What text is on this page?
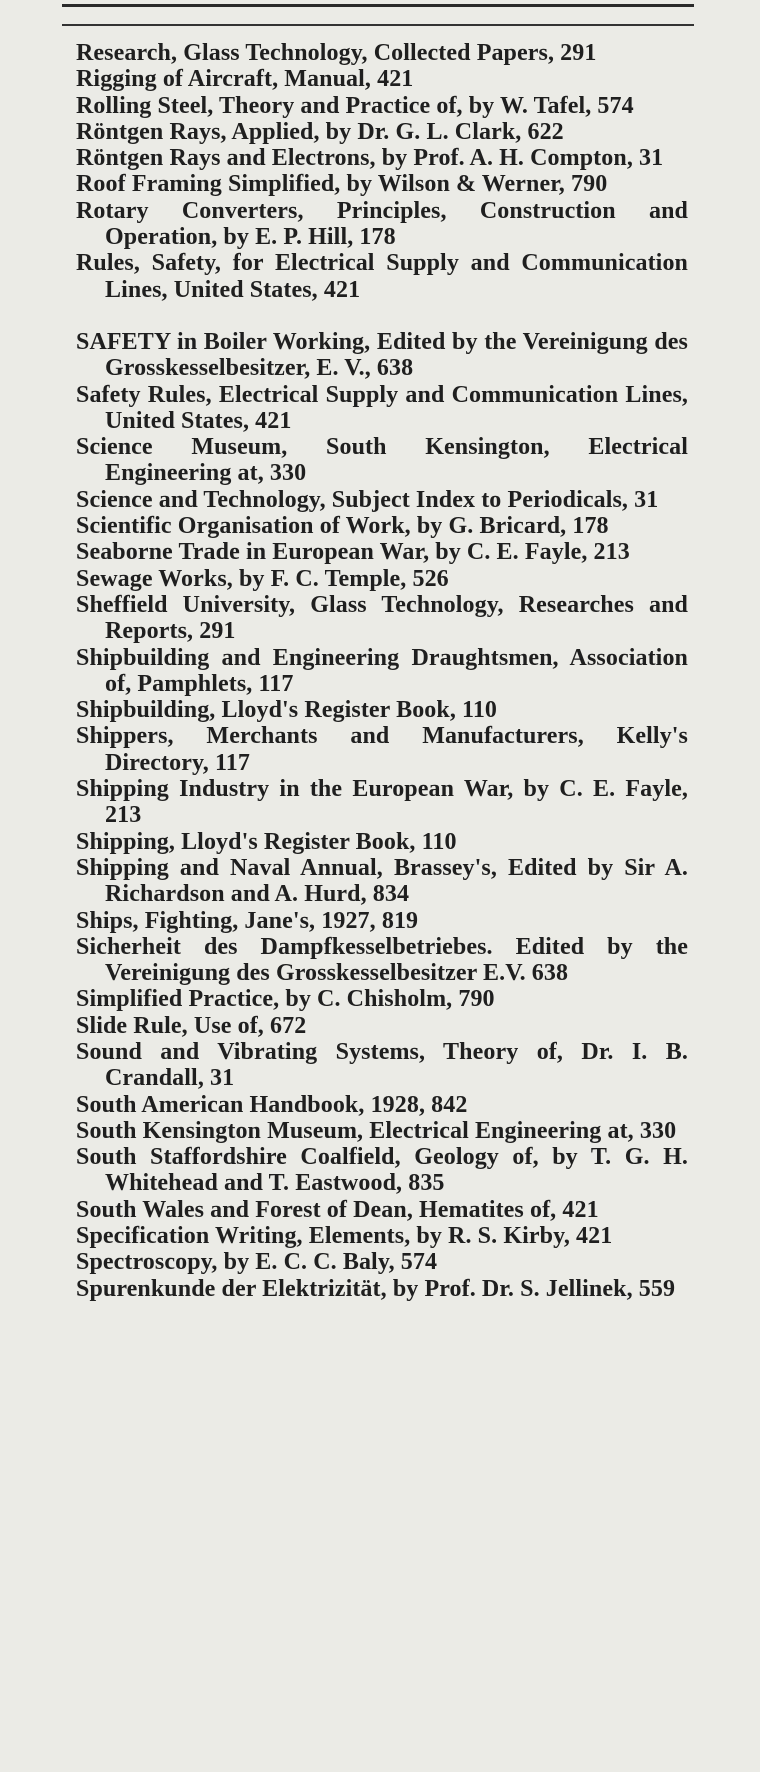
Research, Glass Technology, Collected Papers, 291

Rigging of Aircraft, Manual, 421

Rolling Steel, Theory and Practice of, by W. Tafel, 574

Röntgen Rays, Applied, by Dr. G. L. Clark, 622

Röntgen Rays and Electrons, by Prof. A. H. Compton, 31

Roof Framing Simplified, by Wilson & Werner, 790

Rotary Converters, Principles, Construction and Operation, by E. P. Hill, 178

Rules, Safety, for Electrical Supply and Communication Lines, United States, 421

SAFETY in Boiler Working, Edited by the Vereinigung des Grosskesselbesitzer, E. V., 638

Safety Rules, Electrical Supply and Communication Lines, United States, 421

Science Museum, South Kensington, Electrical Engineering at, 330

Science and Technology, Subject Index to Periodicals, 31

Scientific Organisation of Work, by G. Bricard, 178

Seaborne Trade in European War, by C. E. Fayle, 213

Sewage Works, by F. C. Temple, 526

Sheffield University, Glass Technology, Researches and Reports, 291

Shipbuilding and Engineering Draughtsmen, Association of, Pamphlets, 117

Shipbuilding, Lloyd's Register Book, 110

Shippers, Merchants and Manufacturers, Kelly's Directory, 117

Shipping Industry in the European War, by C. E. Fayle, 213

Shipping, Lloyd's Register Book, 110

Shipping and Naval Annual, Brassey's, Edited by Sir A. Richardson and A. Hurd, 834

Ships, Fighting, Jane's, 1927, 819

Sicherheit des Dampfkesselbetriebes. Edited by the Vereinigung des Grosskesselbesitzer E.V. 638

Simplified Practice, by C. Chisholm, 790

Slide Rule, Use of, 672

Sound and Vibrating Systems, Theory of, Dr. I. B. Crandall, 31

South American Handbook, 1928, 842

South Kensington Museum, Electrical Engineering at, 330

South Staffordshire Coalfield, Geology of, by T. G. H. Whitehead and T. Eastwood, 835

South Wales and Forest of Dean, Hematites of, 421

Specification Writing, Elements, by R. S. Kirby, 421

Spectroscopy, by E. C. C. Baly, 574

Spurenkunde der Elektrizität, by Prof. Dr. S. Jellinek, 559
